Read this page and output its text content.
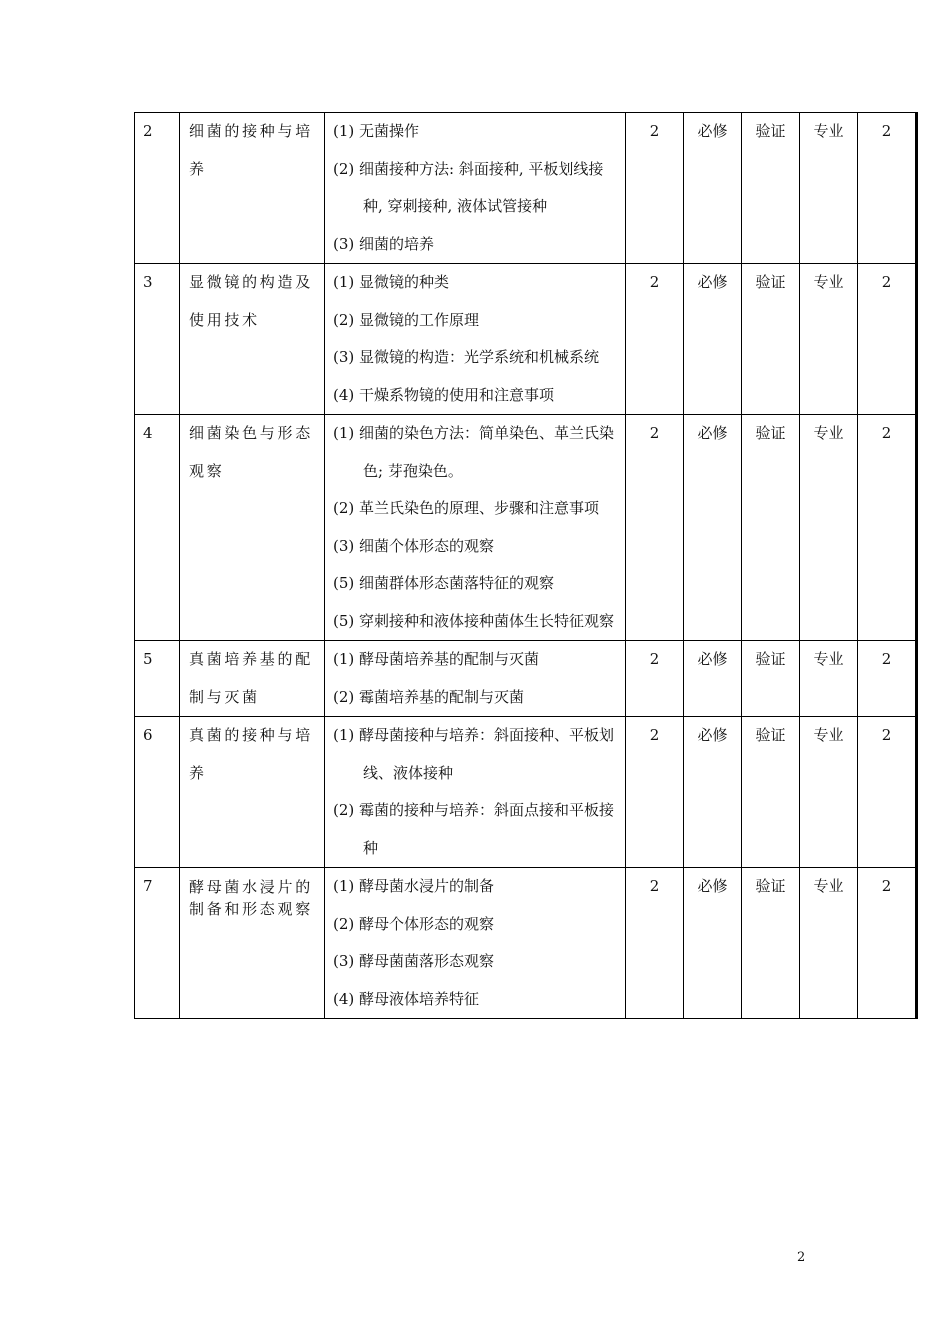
2	细菌的接种与培养	(1) 无菌操作
(2) 细菌接种方法: 斜面接种, 平板划线接种, 穿刺接种, 液体试管接种
(3) 细菌的培养	2	必修	验证	专业	2
3	显微镜的构造及使用技术	(1) 显微镜的种类
(2) 显微镜的工作原理
(3) 显微镜的构造：光学系统和机械系统
(4) 干燥系物镜的使用和注意事项	2	必修	验证	专业	2
4	细菌染色与形态观察	(1) 细菌的染色方法：简单染色、革兰氏染色; 芽孢染色。
(2) 革兰氏染色的原理、步骤和注意事项
(3) 细菌个体形态的观察
(5) 细菌群体形态菌落特征的观察
(5) 穿刺接种和液体接种菌体生长特征观察	2	必修	验证	专业	2
5	真菌培养基的配制与灭菌	(1) 酵母菌培养基的配制与灭菌
(2) 霉菌培养基的配制与灭菌	2	必修	验证	专业	2
6	真菌的接种与培养	(1) 酵母菌接种与培养：斜面接种、平板划线、液体接种
(2) 霉菌的接种与培养：斜面点接和平板接种	2	必修	验证	专业	2
7	酵母菌水浸片的制备和形态观察	(1) 酵母菌水浸片的制备
(2) 酵母个体形态的观察
(3) 酵母菌菌落形态观察
(4) 酵母液体培养特征	2	必修	验证	专业	2
2
